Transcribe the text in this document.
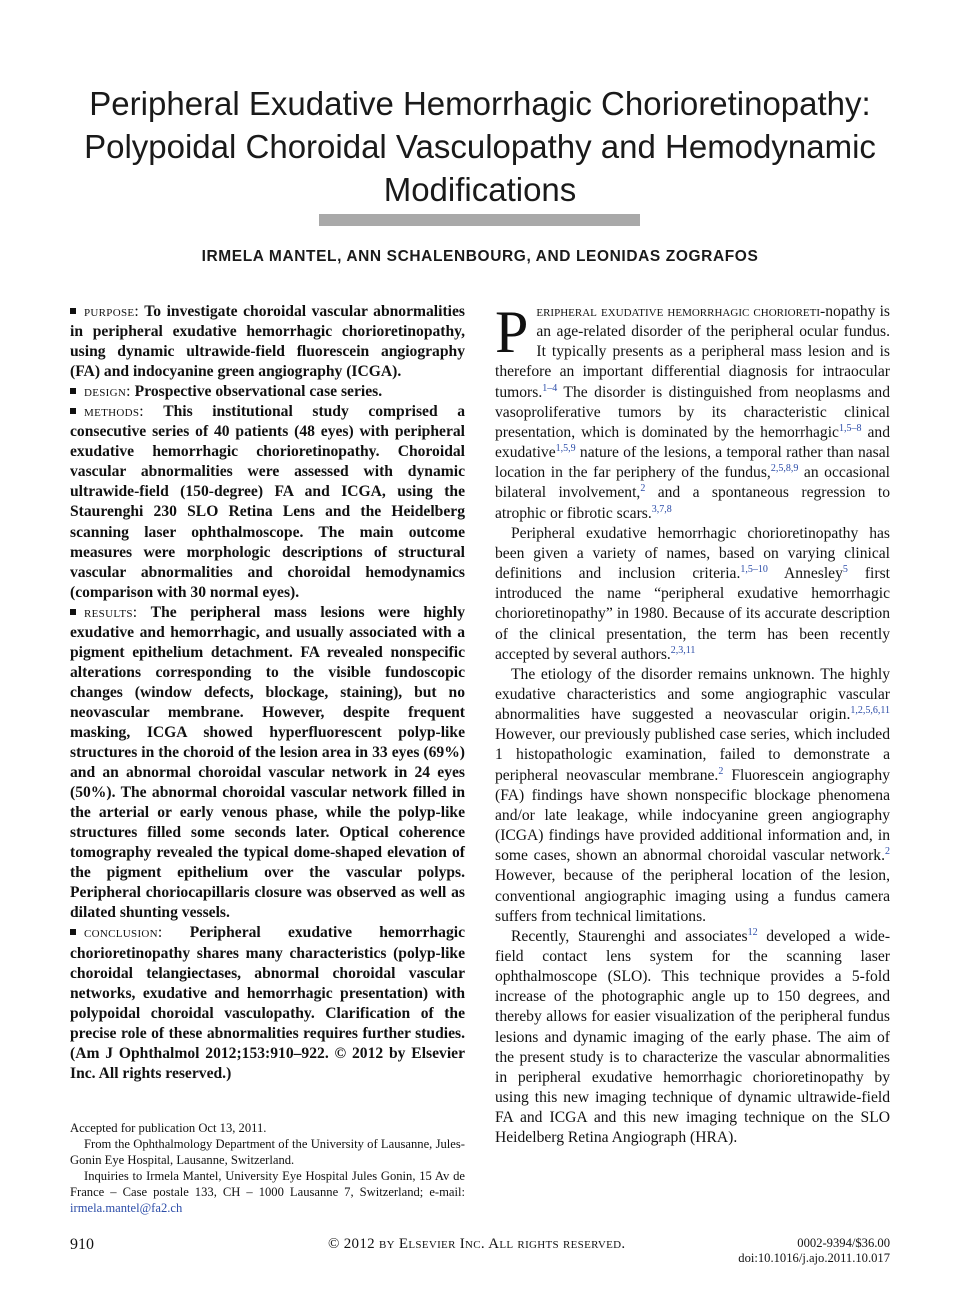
Peripheral Exudative Hemorrhagic Chorioretinopathy:
Polypoidal Choroidal Vasculopathy and Hemodynamic
Modifications
IRMELA MANTEL, ANN SCHALENBOURG, AND LEONIDAS ZOGRAFOS

purpose: To investigate choroidal vascular abnormalities in peripheral exudative hemorrhagic chorioretinopathy, using dynamic ultrawide-field fluorescein angiography (FA) and indocyanine green angiography (ICGA).

design: Prospective observational case series.

methods: This institutional study comprised a consecutive series of 40 patients (48 eyes) with peripheral exudative hemorrhagic chorioretinopathy. Choroidal vascular abnormalities were assessed with dynamic ultrawide-field (150-degree) FA and ICGA, using the Staurenghi 230 SLO Retina Lens and the Heidelberg scanning laser ophthalmoscope. The main outcome measures were morphologic descriptions of structural vascular abnormalities and choroidal hemodynamics (comparison with 30 normal eyes).

results: The peripheral mass lesions were highly exudative and hemorrhagic, and usually associated with a pigment epithelium detachment. FA revealed nonspecific alterations corresponding to the visible fundoscopic changes (window defects, blockage, staining), but no neovascular membrane. However, despite frequent masking, ICGA showed hyperfluorescent polyp-like structures in the choroid of the lesion area in 33 eyes (69%) and an abnormal choroidal vascular network in 24 eyes (50%). The abnormal choroidal vascular network filled in the arterial or early venous phase, while the polyp-like structures filled some seconds later. Optical coherence tomography revealed the typical dome-shaped elevation of the pigment epithelium over the vascular polyps. Peripheral choriocapillaris closure was observed as well as dilated shunting vessels.

conclusion: Peripheral exudative hemorrhagic chorioretinopathy shares many characteristics (polyp-like choroidal telangiectases, abnormal choroidal vascular networks, exudative and hemorrhagic presentation) with polypoidal choroidal vasculopathy. Clarification of the precise role of these abnormalities requires further studies. (Am J Ophthalmol 2012;153:910–922. © 2012 by Elsevier Inc. All rights reserved.)

Accepted for publication Oct 13, 2011.

From the Ophthalmology Department of the University of Lausanne, Jules-Gonin Eye Hospital, Lausanne, Switzerland.

Inquiries to Irmela Mantel, University Eye Hospital Jules Gonin, 15 Av de France – Case postale 133, CH – 1000 Lausanne 7, Switzerland; e-mail: irmela.mantel@fa2.ch

Peripheral exudative hemorrhagic chorioreti-nopathy is an age-related disorder of the peripheral ocular fundus. It typically presents as a peripheral mass lesion and is therefore an important differential diagnosis for intraocular tumors.$^{1-4}$ The disorder is distinguished from neoplasms and vasoproliferative tumors by its characteristic clinical presentation, which is dominated by the hemorrhagic$^{1,5-8}$ and exudative$^{1,5,9}$ nature of the lesions, a temporal rather than nasal location in the far periphery of the fundus,$^{2,5,8,9}$ an occasional bilateral involvement,$^2$ and a spontaneous regression to atrophic or fibrotic scars.$^{3,7,8}$

Peripheral exudative hemorrhagic chorioretinopathy has been given a variety of names, based on varying clinical definitions and inclusion criteria.$^{1,5-10}$ Annesley$^5$ first introduced the name “peripheral exudative hemorrhagic chorioretinopathy” in 1980. Because of its accurate description of the clinical presentation, the term has been recently accepted by several authors.$^{2,3,11}$

The etiology of the disorder remains unknown. The highly exudative characteristics and some angiographic vascular abnormalities have suggested a neovascular origin.$^{1,2,5,6,11}$ However, our previously published case series, which included 1 histopathologic examination, failed to demonstrate a peripheral neovascular membrane.$^2$ Fluorescein angiography (FA) findings have shown nonspecific blockage phenomena and/or late leakage, while indocyanine green angiography (ICGA) findings have provided additional information and, in some cases, shown an abnormal choroidal vascular network.$^2$ However, because of the peripheral location of the lesion, conventional angiographic imaging using a fundus camera suffers from technical limitations.

Recently, Staurenghi and associates$^{12}$ developed a wide-field contact lens system for the scanning laser ophthalmoscope (SLO). This technique provides a 5-fold increase of the photographic angle up to 150 degrees, and thereby allows for easier visualization of the peripheral fundus lesions and dynamic imaging of the early phase. The aim of the present study is to characterize the vascular abnormalities in peripheral exudative hemorrhagic chorioretinopathy by using this new imaging technique of dynamic ultrawide-field FA and ICGA and this new imaging technique on the SLO Heidelberg Retina Angiograph (HRA).

910	© 2012 by Elsevier Inc. All rights reserved.	0002-9394/$36.00
doi:10.1016/j.ajo.2011.10.017
